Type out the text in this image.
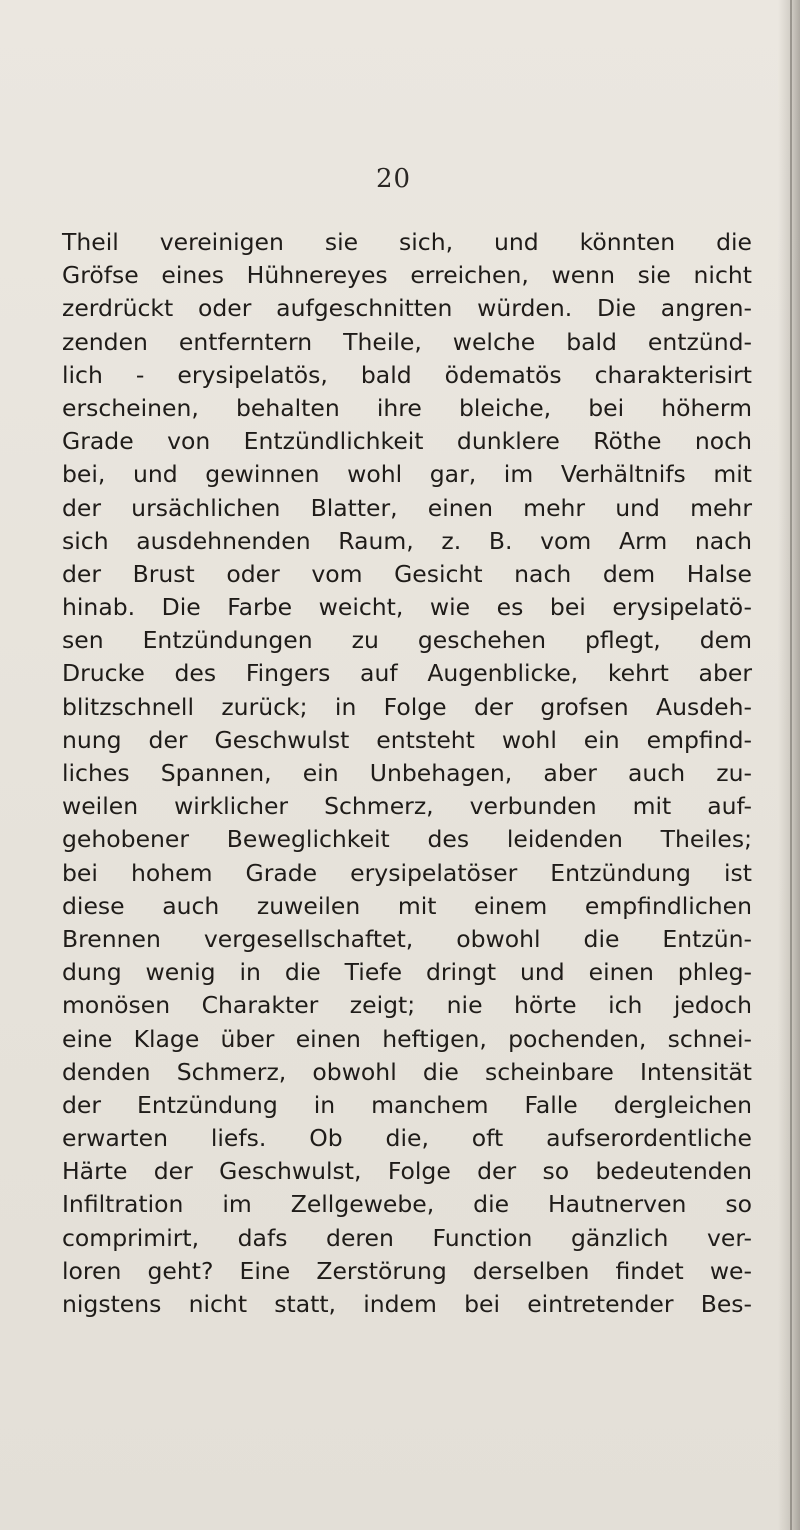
20
Theil vereinigen sie sich, und könnten die
Gröfse eines Hühnereyes erreichen, wenn sie nicht
zerdrückt oder aufgeschnitten würden. Die angren-
zenden entferntern Theile, welche bald entzünd-
lich - erysipelatös, bald ödematös charakterisirt
erscheinen, behalten ihre bleiche, bei höherm
Grade von Entzündlichkeit dunklere Röthe noch
bei, und gewinnen wohl gar, im Verhältnifs mit
der ursächlichen Blatter, einen mehr und mehr
sich ausdehnenden Raum, z. B. vom Arm nach
der Brust oder vom Gesicht nach dem Halse
hinab. Die Farbe weicht, wie es bei erysipelatö-
sen Entzündungen zu geschehen pflegt, dem
Drucke des Fingers auf Augenblicke, kehrt aber
blitzschnell zurück; in Folge der grofsen Ausdeh-
nung der Geschwulst entsteht wohl ein empfind-
liches Spannen, ein Unbehagen, aber auch zu-
weilen wirklicher Schmerz, verbunden mit auf-
gehobener Beweglichkeit des leidenden Theiles;
bei hohem Grade erysipelatöser Entzündung ist
diese auch zuweilen mit einem empfindlichen
Brennen vergesellschaftet, obwohl die Entzün-
dung wenig in die Tiefe dringt und einen phleg-
monösen Charakter zeigt; nie hörte ich jedoch
eine Klage über einen heftigen, pochenden, schnei-
denden Schmerz, obwohl die scheinbare Intensität
der Entzündung in manchem Falle dergleichen
erwarten liefs. Ob die, oft aufserordentliche
Härte der Geschwulst, Folge der so bedeutenden
Infiltration im Zellgewebe, die Hautnerven so
comprimirt, dafs deren Function gänzlich ver-
loren geht? Eine Zerstörung derselben findet we-
nigstens nicht statt, indem bei eintretender Bes-
